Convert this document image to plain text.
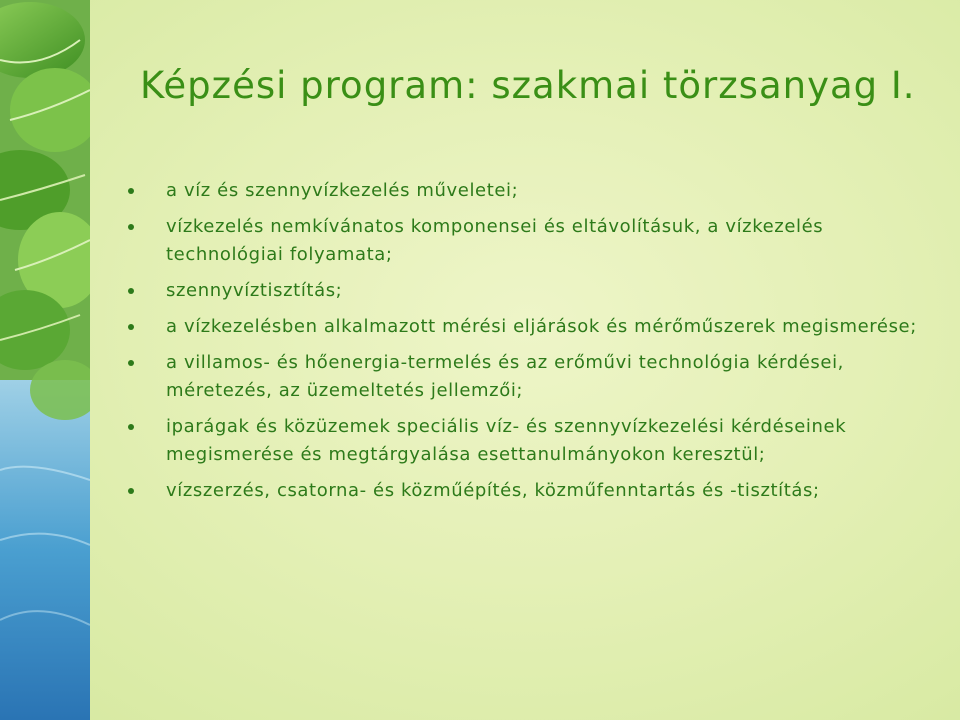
Képzési program: szakmai törzsanyag I.
a víz és szennyvízkezelés műveletei;
vízkezelés nemkívánatos komponensei és eltávolításuk, a vízkezelés technológiai folyamata;
szennyvíztisztítás;
a vízkezelésben alkalmazott mérési eljárások és mérőműszerek megismerése;
a villamos- és hőenergia-termelés és az erőművi technológia kérdései, méretezés, az üzemeltetés jellemzői;
iparágak és közüzemek speciális víz- és szennyvízkezelési kérdéseinek megismerése és megtárgyalása esettanulmányokon keresztül;
vízszerzés, csatorna- és közműépítés, közműfenntartás és -tisztítás;
